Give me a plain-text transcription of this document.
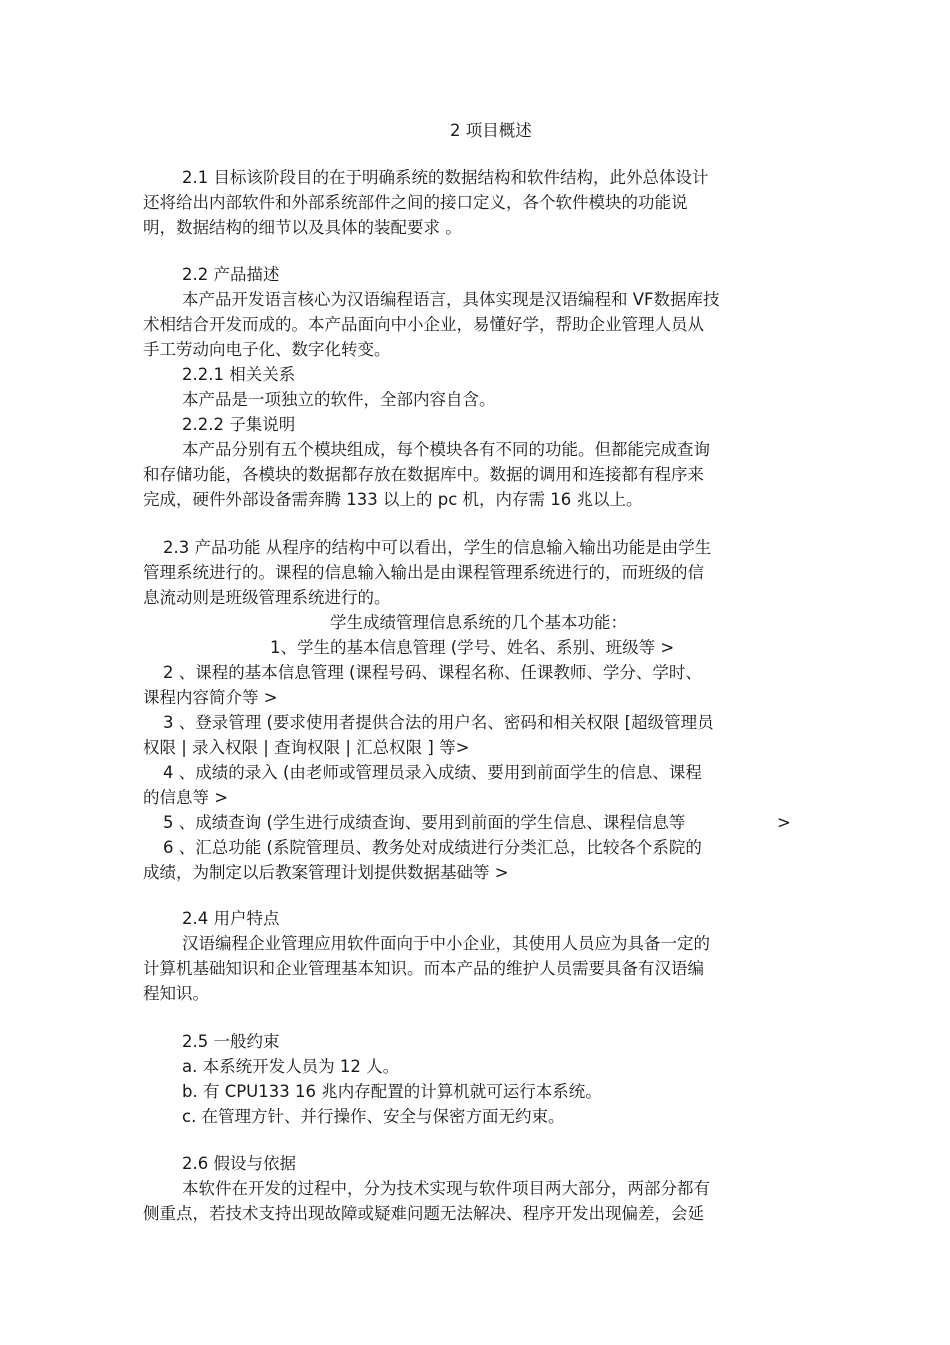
2 项目概述
2.1 目标该阶段目的在于明确系统的数据结构和软件结构，此外总体设计
还将给出内部软件和外部系统部件之间的接口定义，各个软件模块的功能说
明，数据结构的细节以及具体的装配要求 。
2.2 产品描述
本产品开发语言核心为汉语编程语言，具体实现是汉语编程和 VF数据库技
术相结合开发而成的。本产品面向中小企业，易懂好学，帮助企业管理人员从
手工劳动向电子化、数字化转变。
2.2.1 相关关系
本产品是一项独立的软件，全部内容自含。
2.2.2 子集说明
本产品分别有五个模块组成，每个模块各有不同的功能。但都能完成查询
和存储功能，各模块的数据都存放在数据库中。数据的调用和连接都有程序来
完成，硬件外部设备需奔腾 133 以上的 pc 机，内存需 16 兆以上。
2.3 产品功能 从程序的结构中可以看出，学生的信息输入输出功能是由学生
管理系统进行的。课程的信息输入输出是由课程管理系统进行的，而班级的信
息流动则是班级管理系统进行的。
学生成绩管理信息系统的几个基本功能：
1、学生的基本信息管理 (学号、姓名、系别、班级等 >
2 、课程的基本信息管理 (课程号码、课程名称、任课教师、学分、学时、
课程内容简介等 >
3 、登录管理 (要求使用者提供合法的用户名、密码和相关权限 [超级管理员
权限 | 录入权限 | 查询权限 | 汇总权限 ] 等>
4 、成绩的录入 (由老师或管理员录入成绩、要用到前面学生的信息、课程
的信息等 >
5 、成绩查询 (学生进行成绩查询、要用到前面的学生信息、课程信息等	>
6 、汇总功能 (系院管理员、教务处对成绩进行分类汇总，比较各个系院的
成绩，为制定以后教案管理计划提供数据基础等 >
2.4 用户特点
汉语编程企业管理应用软件面向于中小企业，其使用人员应为具备一定的
计算机基础知识和企业管理基本知识。而本产品的维护人员需要具备有汉语编
程知识。
2.5 一般约束
a. 本系统开发人员为 12 人。
b. 有 CPU133 16 兆内存配置的计算机就可运行本系统。
c. 在管理方针、并行操作、安全与保密方面无约束。
2.6 假设与依据
本软件在开发的过程中，分为技术实现与软件项目两大部分，两部分都有
侧重点，若技术支持出现故障或疑难问题无法解决、程序开发出现偏差，会延
